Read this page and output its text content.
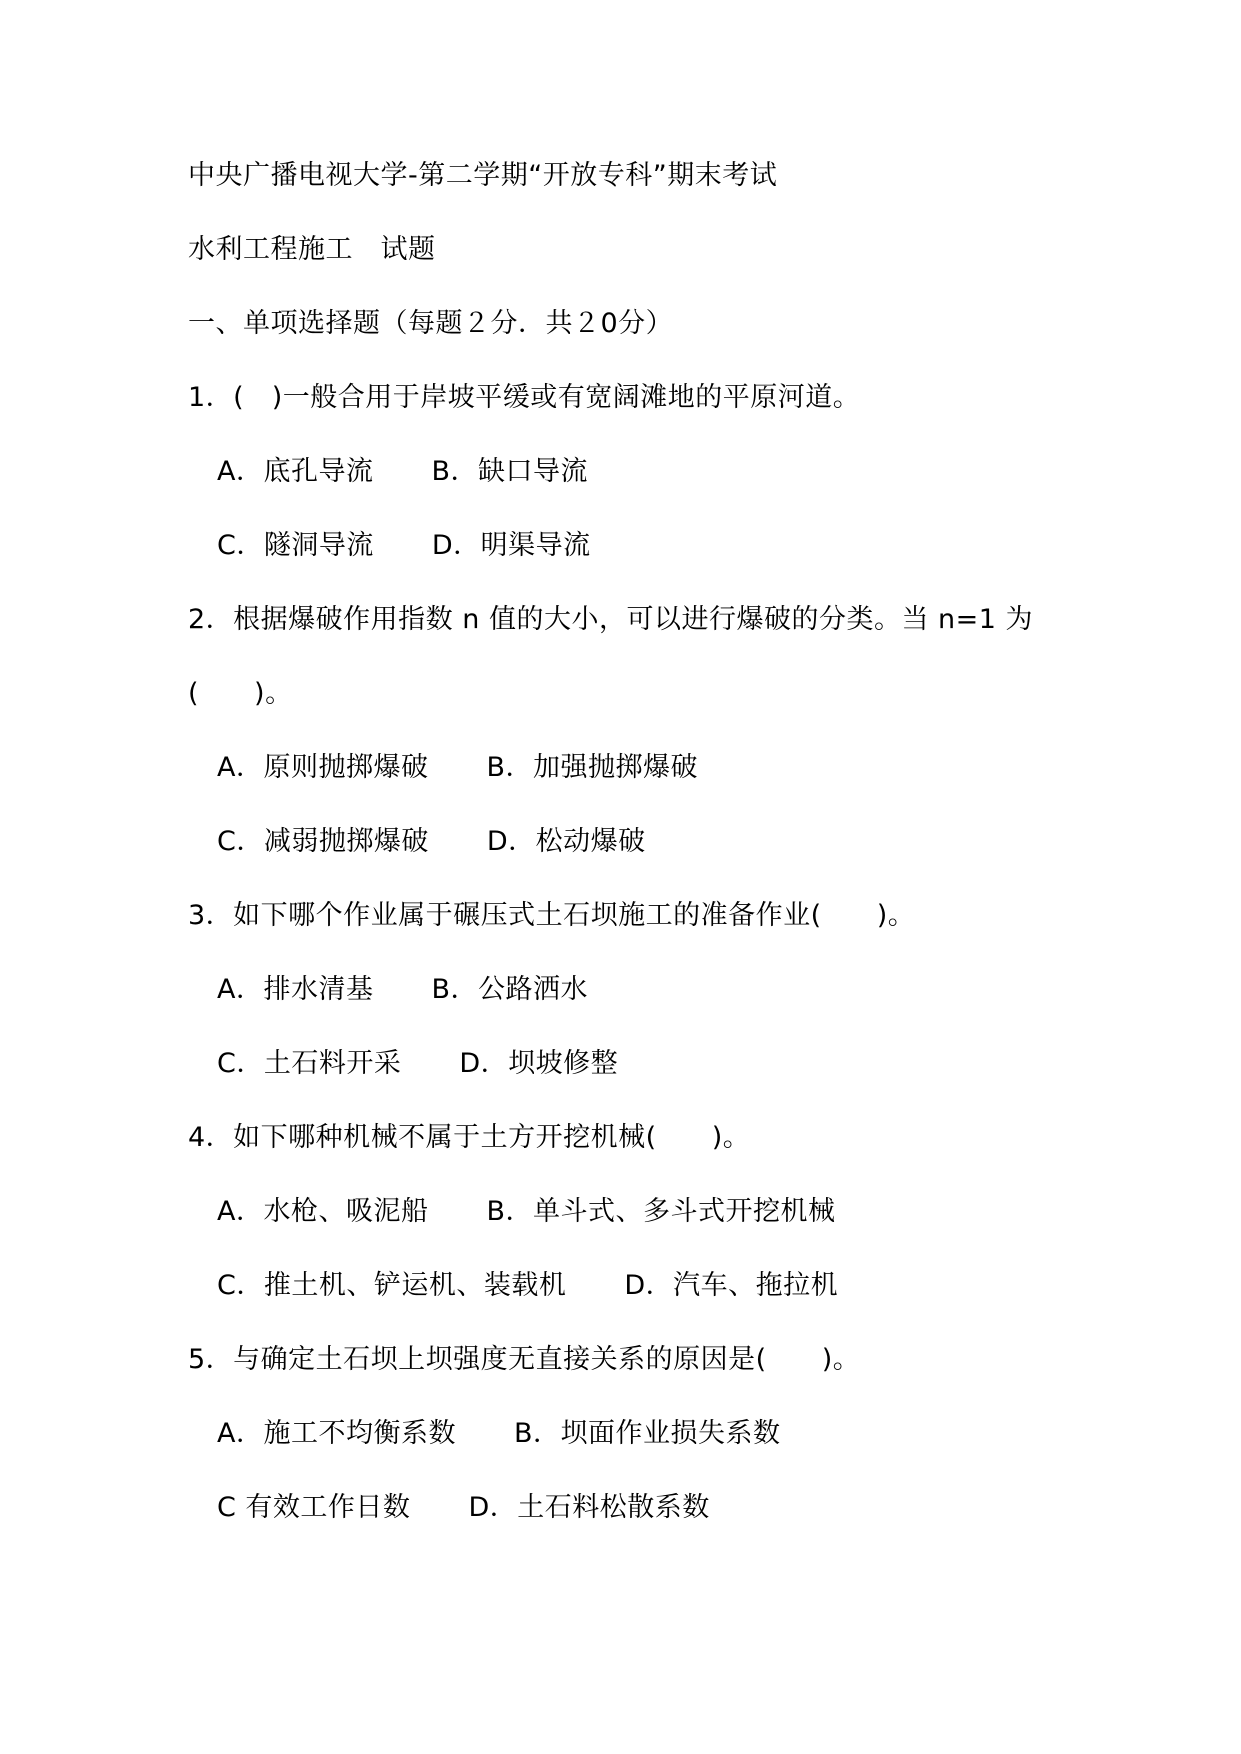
中央广播电视大学-第二学期“开放专科”期末考试
水利工程施工　试题
一、单项选择题（每题２分．共２0分）
1．(　)一般合用于岸坡平缓或有宽阔滩地的平原河道。
A．底孔导流 B．缺口导流
C．隧洞导流 D．明渠导流
2．根据爆破作用指数 n 值的大小，可以进行爆破的分类。当 n=1 为
(　　)。
A．原则抛掷爆破 B．加强抛掷爆破
C．减弱抛掷爆破 D．松动爆破
3．如下哪个作业属于碾压式土石坝施工的准备作业(　　)。
A．排水清基 B．公路洒水
C．土石料开采 D．坝坡修整
4．如下哪种机械不属于土方开挖机械(　　)。
A．水枪、吸泥船 B．单斗式、多斗式开挖机械
C．推土机、铲运机、装载机 D．汽车、拖拉机
5．与确定土石坝上坝强度无直接关系的原因是(　　)。
A．施工不均衡系数 B．坝面作业损失系数
C 有效工作日数 D．土石料松散系数
